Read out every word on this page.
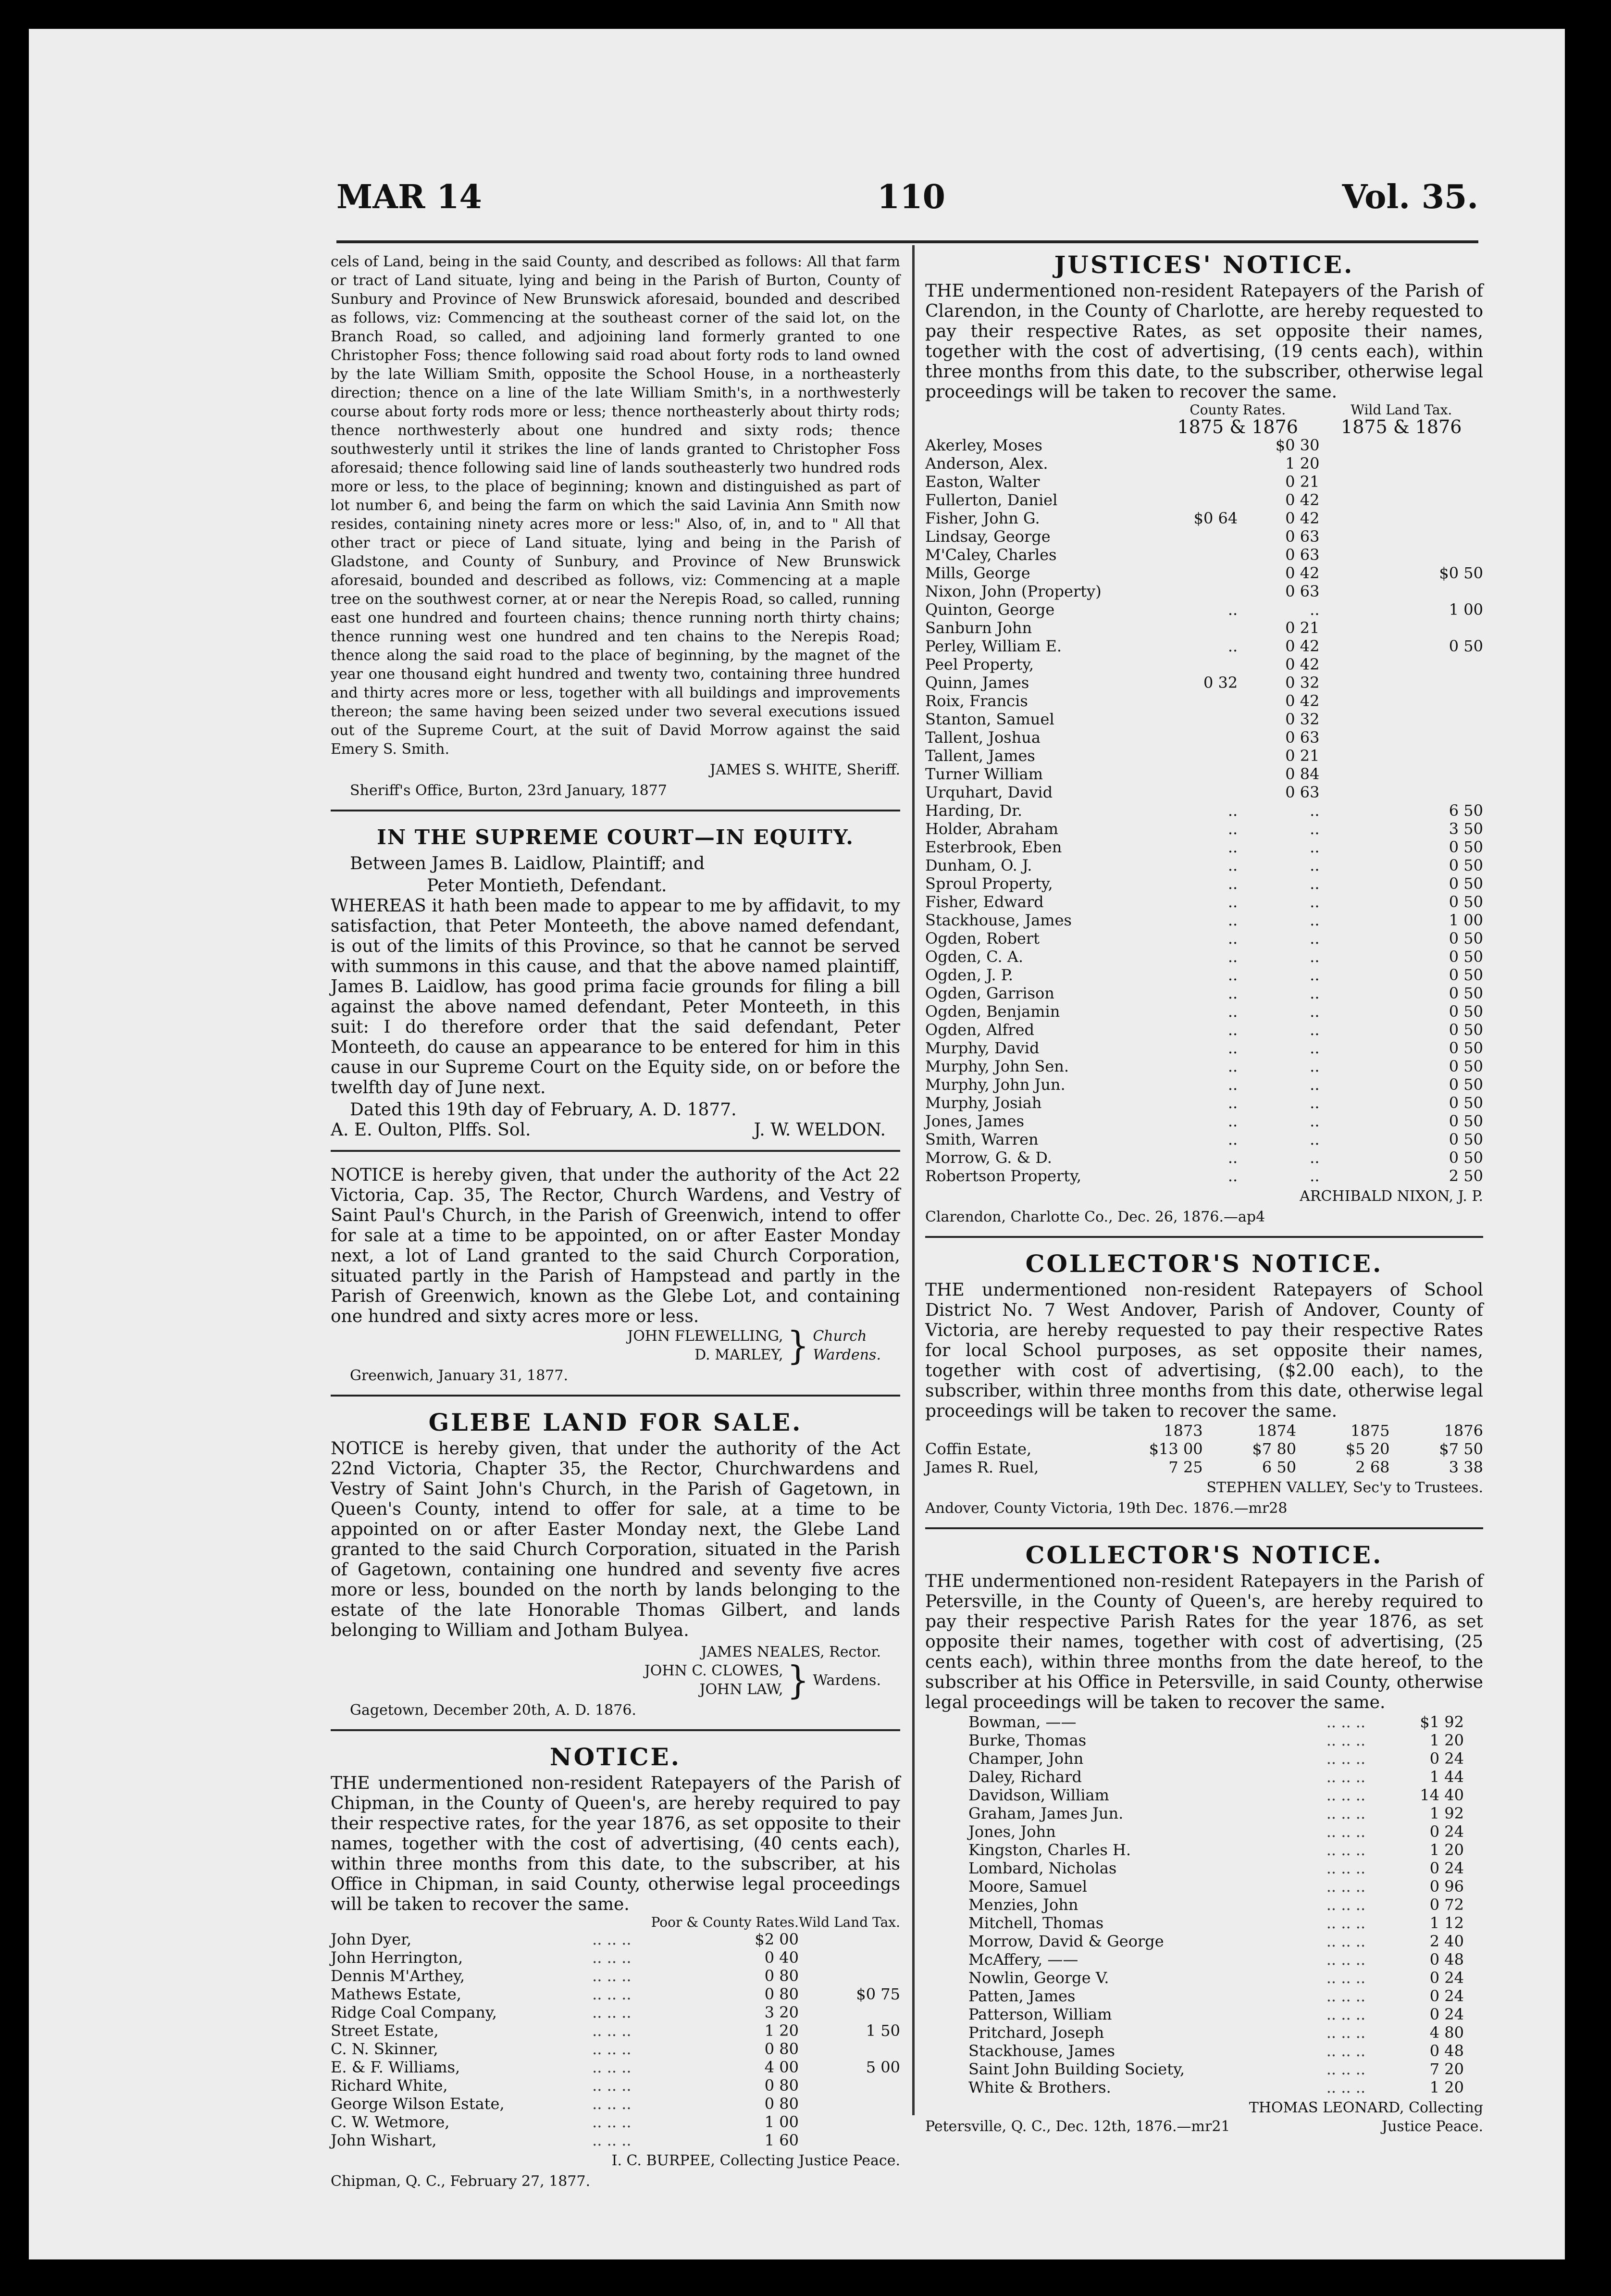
MAR 14	110	Vol. 35.

cels of Land, being in the said County, and described as follows: All that farm or tract of Land situate, lying and being in the Parish of Burton, County of Sunbury and Province of New Brunswick aforesaid, bounded and described as follows, viz: Commencing at the southeast corner of the said lot, on the Branch Road, so called, and adjoining land formerly granted to one Christopher Foss; thence following said road about forty rods to land owned by the late William Smith, opposite the School House, in a northeasterly direction; thence on a line of the late William Smith's, in a northwesterly course about forty rods more or less; thence northeasterly about thirty rods; thence northwesterly about one hundred and sixty rods; thence southwesterly until it strikes the line of lands granted to Christopher Foss aforesaid; thence following said line of lands southeasterly two hundred rods more or less, to the place of beginning; known and distinguished as part of lot number 6, and being the farm on which the said Lavinia Ann Smith now resides, containing ninety acres more or less:" Also, of, in, and to " All that other tract or piece of Land situate, lying and being in the Parish of Gladstone, and County of Sunbury, and Province of New Brunswick aforesaid, bounded and described as follows, viz: Commencing at a maple tree on the southwest corner, at or near the Nerepis Road, so called, running east one hundred and fourteen chains; thence running north thirty chains; thence running west one hundred and ten chains to the Nerepis Road; thence along the said road to the place of beginning, by the magnet of the year one thousand eight hundred and twenty two, containing three hundred and thirty acres more or less, together with all buildings and improvements thereon; the same having been seized under two several executions issued out of the Supreme Court, at the suit of David Morrow against the said Emery S. Smith.

JAMES S. WHITE, Sheriff.

Sheriff's Office, Burton, 23rd January, 1877

IN THE SUPREME COURT—IN EQUITY.

Between James B. Laidlow, Plaintiff; and

Peter Montieth, Defendant.

WHEREAS it hath been made to appear to me by affidavit, to my satisfaction, that Peter Monteeth, the above named defendant, is out of the limits of this Province, so that he cannot be served with summons in this cause, and that the above named plaintiff, James B. Laidlow, has good prima facie grounds for filing a bill against the above named defendant, Peter Monteeth, in this suit: I do therefore order that the said defendant, Peter Monteeth, do cause an appearance to be entered for him in this cause in our Supreme Court on the Equity side, on or before the twelfth day of June next.

Dated this 19th day of February, A. D. 1877.

A. E. Oulton, Plffs. Sol.	J. W. WELDON.

NOTICE is hereby given, that under the authority of the Act 22 Victoria, Cap. 35, The Rector, Church Wardens, and Vestry of Saint Paul's Church, in the Parish of Greenwich, intend to offer for sale at a time to be appointed, on or after Easter Monday next, a lot of Land granted to the said Church Corporation, situated partly in the Parish of Hampstead and partly in the Parish of Greenwich, known as the Glebe Lot, and containing one hundred and sixty acres more or less.

JOHN FLEWELLING,
D. MARLEY, } Church
Wardens.

Greenwich, January 31, 1877.

GLEBE LAND FOR SALE.

NOTICE is hereby given, that under the authority of the Act 22nd Victoria, Chapter 35, the Rector, Churchwardens and Vestry of Saint John's Church, in the Parish of Gagetown, in Queen's County, intend to offer for sale, at a time to be appointed on or after Easter Monday next, the Glebe Land granted to the said Church Corporation, situated in the Parish of Gagetown, containing one hundred and seventy five acres more or less, bounded on the north by lands belonging to the estate of the late Honorable Thomas Gilbert, and lands belonging to William and Jotham Bulyea.

JAMES NEALES, Rector.

JOHN C. CLOWES,
JOHN LAW, } Wardens.

Gagetown, December 20th, A. D. 1876.

NOTICE.

THE undermentioned non-resident Ratepayers of the Parish of Chipman, in the County of Queen's, are hereby required to pay their respective rates, for the year 1876, as set opposite to their names, together with the cost of advertising, (40 cents each), within three months from this date, to the subscriber, at his Office in Chipman, in said County, otherwise legal proceedings will be taken to recover the same.

		Poor & County Rates.	Wild Land Tax.
John Dyer,	.. .. ..	$2 00	
John Herrington,	.. .. ..	0 40	
Dennis M'Arthey,	.. .. ..	0 80	
Mathews Estate,	.. .. ..	0 80	$0 75
Ridge Coal Company,	.. .. ..	3 20	
Street Estate,	.. .. ..	1 20	1 50
C. N. Skinner,	.. .. ..	0 80	
E. & F. Williams,	.. .. ..	4 00	5 00
Richard White,	.. .. ..	0 80	
George Wilson Estate,	.. .. ..	0 80	
C. W. Wetmore,	.. .. ..	1 00	
John Wishart,	.. .. ..	1 60	

I. C. BURPEE, Collecting Justice Peace.

Chipman, Q. C., February 27, 1877.

JUSTICES' NOTICE.

THE undermentioned non-resident Ratepayers of the Parish of Clarendon, in the County of Charlotte, are hereby requested to pay their respective Rates, as set opposite their names, together with the cost of advertising, (19 cents each), within three months from this date, to the subscriber, otherwise legal proceedings will be taken to recover the same.

	County Rates.		Wild Land Tax.
	1875 & 1876		1875 & 1876
Akerley, Moses		$0 30	
Anderson, Alex.		1 20	
Easton, Walter		0 21	
Fullerton, Daniel		0 42	
Fisher, John G.	$0 64	0 42	
Lindsay, George		0 63	
M'Caley, Charles		0 63	
Mills, George		0 42	$0 50
Nixon, John (Property)		0 63	
Quinton, George	..	..	1 00
Sanburn John		0 21	
Perley, William E.	..	0 42	0 50
Peel Property,		0 42	
Quinn, James	0 32	0 32	
Roix, Francis		0 42	
Stanton, Samuel		0 32	
Tallent, Joshua		0 63	
Tallent, James		0 21	
Turner William		0 84	
Urquhart, David		0 63	
Harding, Dr.	..	..	6 50
Holder, Abraham	..	..	3 50
Esterbrook, Eben	..	..	0 50
Dunham, O. J.	..	..	0 50
Sproul Property,	..	..	0 50
Fisher, Edward	..	..	0 50
Stackhouse, James	..	..	1 00
Ogden, Robert	..	..	0 50
Ogden, C. A.	..	..	0 50
Ogden, J. P.	..	..	0 50
Ogden, Garrison	..	..	0 50
Ogden, Benjamin	..	..	0 50
Ogden, Alfred	..	..	0 50
Murphy, David	..	..	0 50
Murphy, John Sen.	..	..	0 50
Murphy, John Jun.	..	..	0 50
Murphy, Josiah	..	..	0 50
Jones, James	..	..	0 50
Smith, Warren	..	..	0 50
Morrow, G. & D.	..	..	0 50
Robertson Property,	..	..	2 50

ARCHIBALD NIXON, J. P.

Clarendon, Charlotte Co., Dec. 26, 1876.—ap4

COLLECTOR'S NOTICE.

THE undermentioned non-resident Ratepayers of School District No. 7 West Andover, Parish of Andover, County of Victoria, are hereby requested to pay their respective Rates for local School purposes, as set opposite their names, together with cost of advertising, ($2.00 each), to the subscriber, within three months from this date, otherwise legal proceedings will be taken to recover the same.

	1873	1874	1875	1876
Coffin Estate,	$13 00	$7 80	$5 20	$7 50
James R. Ruel,	7 25	6 50	2 68	3 38

STEPHEN VALLEY, Sec'y to Trustees.

Andover, County Victoria, 19th Dec. 1876.—mr28

COLLECTOR'S NOTICE.

THE undermentioned non-resident Ratepayers in the Parish of Petersville, in the County of Queen's, are hereby required to pay their respective Parish Rates for the year 1876, as set opposite their names, together with cost of advertising, (25 cents each), within three months from the date hereof, to the subscriber at his Office in Petersville, in said County, otherwise legal proceedings will be taken to recover the same.

Bowman, ——	.. .. ..	$1 92
Burke, Thomas	.. .. ..	1 20
Champer, John	.. .. ..	0 24
Daley, Richard	.. .. ..	1 44
Davidson, William	.. .. ..	14 40
Graham, James Jun.	.. .. ..	1 92
Jones, John	.. .. ..	0 24
Kingston, Charles H.	.. .. ..	1 20
Lombard, Nicholas	.. .. ..	0 24
Moore, Samuel	.. .. ..	0 96
Menzies, John	.. .. ..	0 72
Mitchell, Thomas	.. .. ..	1 12
Morrow, David & George	.. .. ..	2 40
McAffery, ——	.. .. ..	0 48
Nowlin, George V.	.. .. ..	0 24
Patten, James	.. .. ..	0 24
Patterson, William	.. .. ..	0 24
Pritchard, Joseph	.. .. ..	4 80
Stackhouse, James	.. .. ..	0 48
Saint John Building Society,	.. .. ..	7 20
White & Brothers.	.. .. ..	1 20

THOMAS LEONARD, Collecting

Petersville, Q. C., Dec. 12th, 1876.—mr21	Justice Peace.
